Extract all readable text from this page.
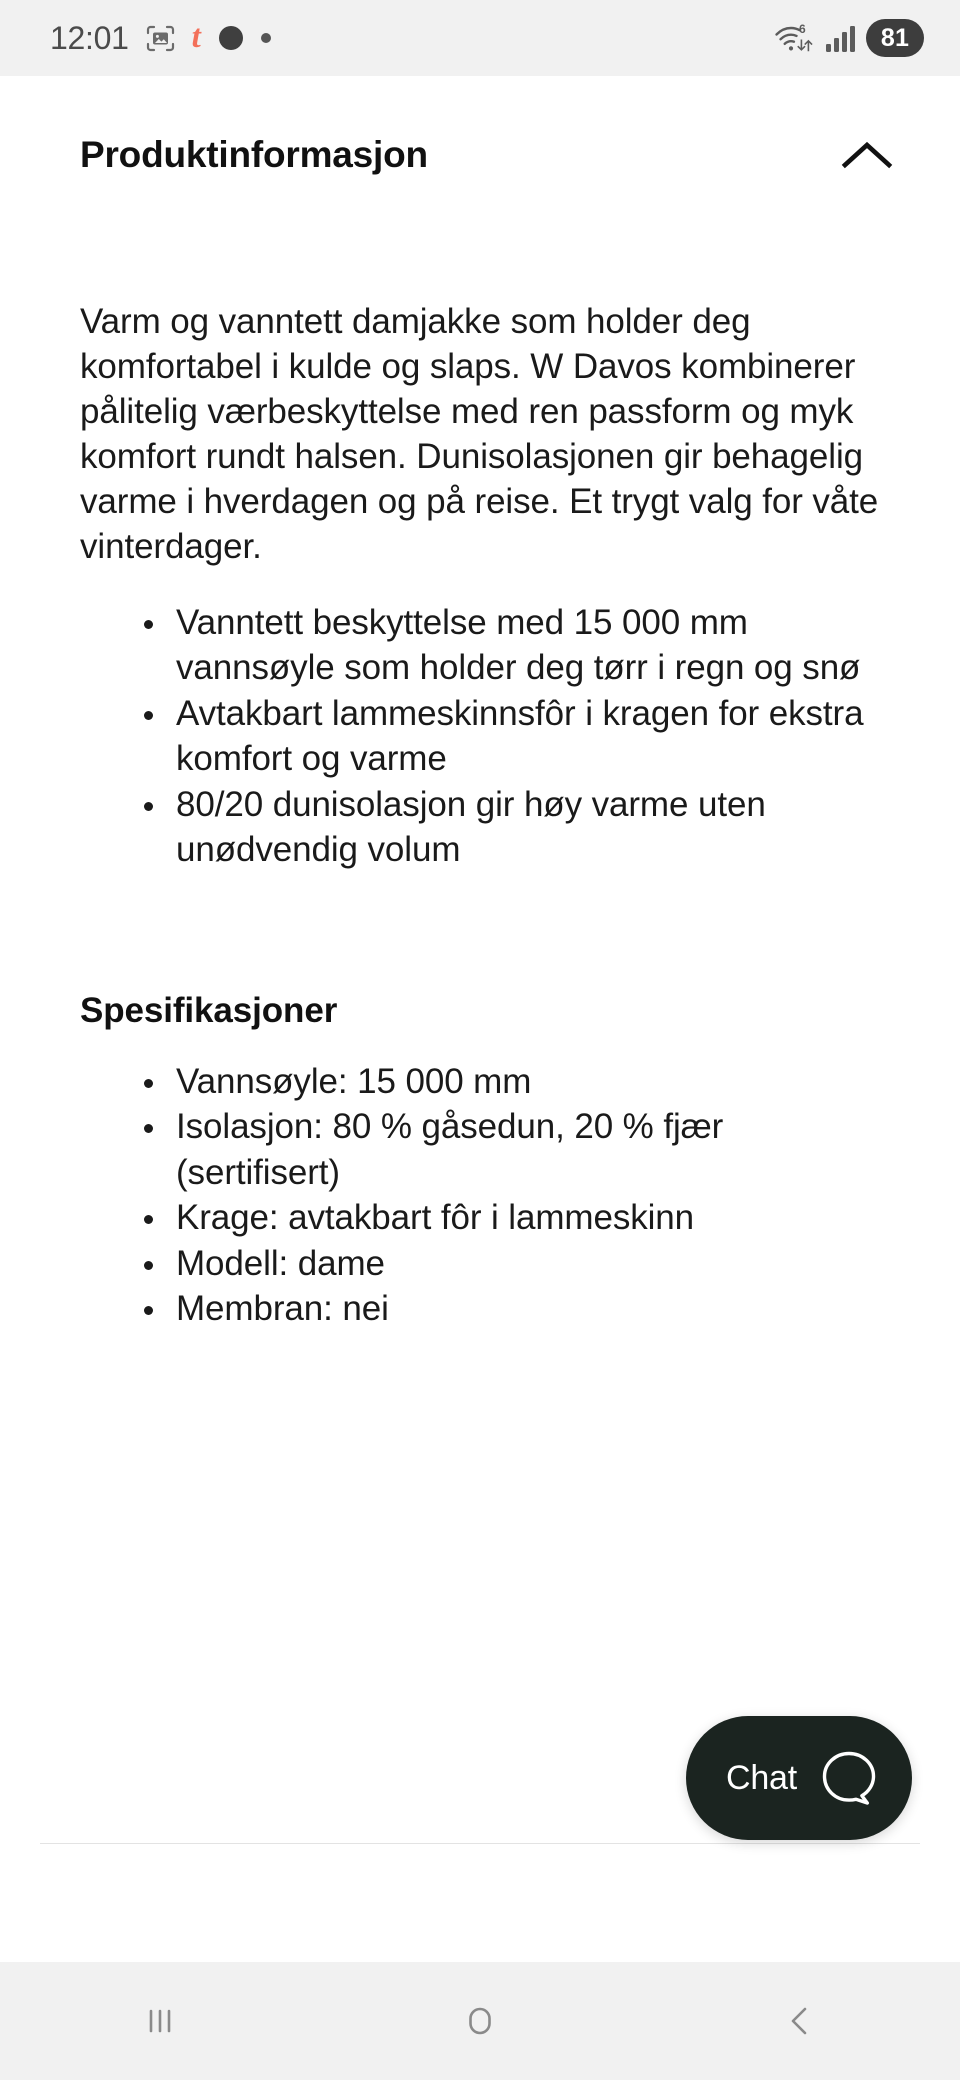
12:01 t	6	81
Produktinformasjon

Varm og vanntett damjakke som holder deg komfortabel i kulde og slaps. W Davos kombinerer pålitelig værbeskyttelse med ren passform og myk komfort rundt halsen. Dunisolasjonen gir behagelig varme i hverdagen og på reise. Et trygt valg for våte vinterdager.

Vanntett beskyttelse med 15 000 mm vannsøyle som holder deg tørr i regn og snø
Avtakbart lammeskinnsfôr i kragen for ekstra komfort og varme
80/20 dunisolasjon gir høy varme uten unødvendig volum
Spesifikasjoner
Vannsøyle: 15 000 mm
Isolasjon: 80 % gåsedun, 20 % fjær (sertifisert)
Krage: avtakbart fôr i lammeskinn
Modell: dame
Membran: nei
Chat
